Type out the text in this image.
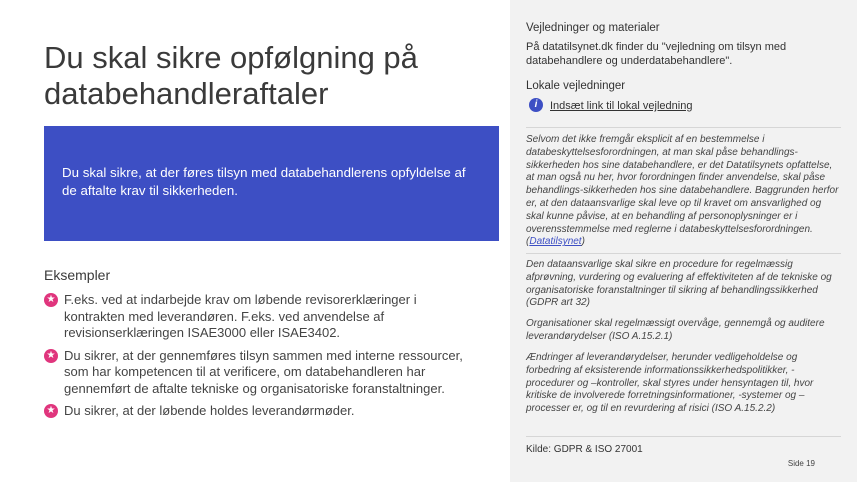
Du skal sikre opfølgning på databehandleraftaler
Du skal sikre, at der føres tilsyn med databehandlerens opfyldelse af de aftalte krav til sikkerheden.
Eksempler
★ F.eks. ved at indarbejde krav om løbende revisorerklæringer i kontrakten med leverandøren. F.eks. ved anvendelse af revisionserklæringen ISAE3000 eller ISAE3402.
★ Du sikrer, at der gennemføres tilsyn sammen med interne ressourcer, som har kompetencen til at verificere, om databehandleren har gennemført de aftalte tekniske og organisatoriske foranstaltninger.
★ Du sikrer, at der løbende holdes leverandørmøder.
Vejledninger og materialer
På datatilsynet.dk finder du "vejledning om tilsyn med databehandlere og underdatabehandlere".
Lokale vejledninger
i	Indsæt link til lokal vejledning
Selvom det ikke fremgår eksplicit af en bestemmelse i databeskyttelsesforordningen, at man skal påse behandlings-sikkerheden hos sine databehandlere, er det Datatilsynets opfattelse, at man også nu her, hvor forordningen finder anvendelse, skal påse behandlings-sikkerheden hos sine databehandlere. Baggrunden herfor er, at den dataansvarlige skal leve op til kravet om ansvarlighed og skal kunne påvise, at en behandling af personoplysninger er i overensstemmelse med reglerne i databeskyttelsesforordningen. (Datatilsynet)
Den dataansvarlige skal sikre en procedure for regelmæssig afprøvning, vurdering og evaluering af effektiviteten af de tekniske og organisatoriske foranstaltninger til sikring af behandlingssikkerhed (GDPR art 32)
Organisationer skal regelmæssigt overvåge, gennemgå og auditere leverandørydelser (ISO A.15.2.1)
Ændringer af leverandørydelser, herunder vedligeholdelse og forbedring af eksisterende informationssikkerhedspolitikker, -procedurer og –kontroller, skal styres under hensyntagen til, hvor kritiske de involverede forretningsinformationer, -systemer og –processer er, og til en revurdering af risici (ISO A.15.2.2)
Kilde: GDPR & ISO 27001
Side 19
